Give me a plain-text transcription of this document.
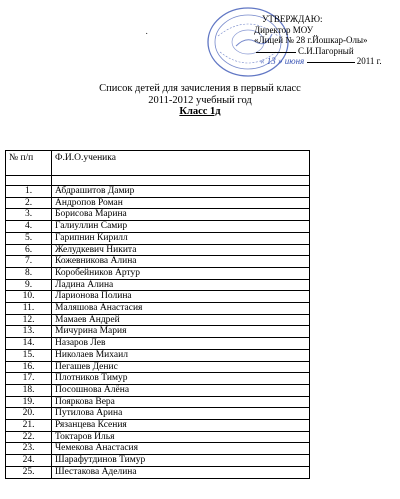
˙
УТВЕРЖДАЮ:
Директор МОУ
«Лицей № 28 г.Йошкар-Олы»
С.И.Пагорный
« 13 » июня	2011 г.
Список детей для зачисления в первый класс
2011-2012 учебный год
Класс 1д
№ п/п	Ф.И.О.ученика

1.	Абдрашитов Дамир
2.	Андропов Роман
3.	Борисова Марина
4.	Галиуллин Самир
5.	Гарипнин Кирилл
6.	Желудкевич Никита
7.	Кожевникова Алина
8.	Коробейников Артур
9.	Ладина Алина
10.	Ларионова Полина
11.	Маляшова Анастасия
12.	Мамаев Андрей
13.	Мичурина Мария
14.	Назаров Лев
15.	Николаев Михаил
16.	Пегашев Денис
17.	Плотников Тимур
18.	Посошнова Алёна
19.	Пояркова Вера
20.	Путилова Арина
21.	Рязанцева Ксения
22.	Токтаров Илья
23.	Чемекова Анастасия
24.	Шарафутдинов Тимур
25.	Шестакова Аделина
